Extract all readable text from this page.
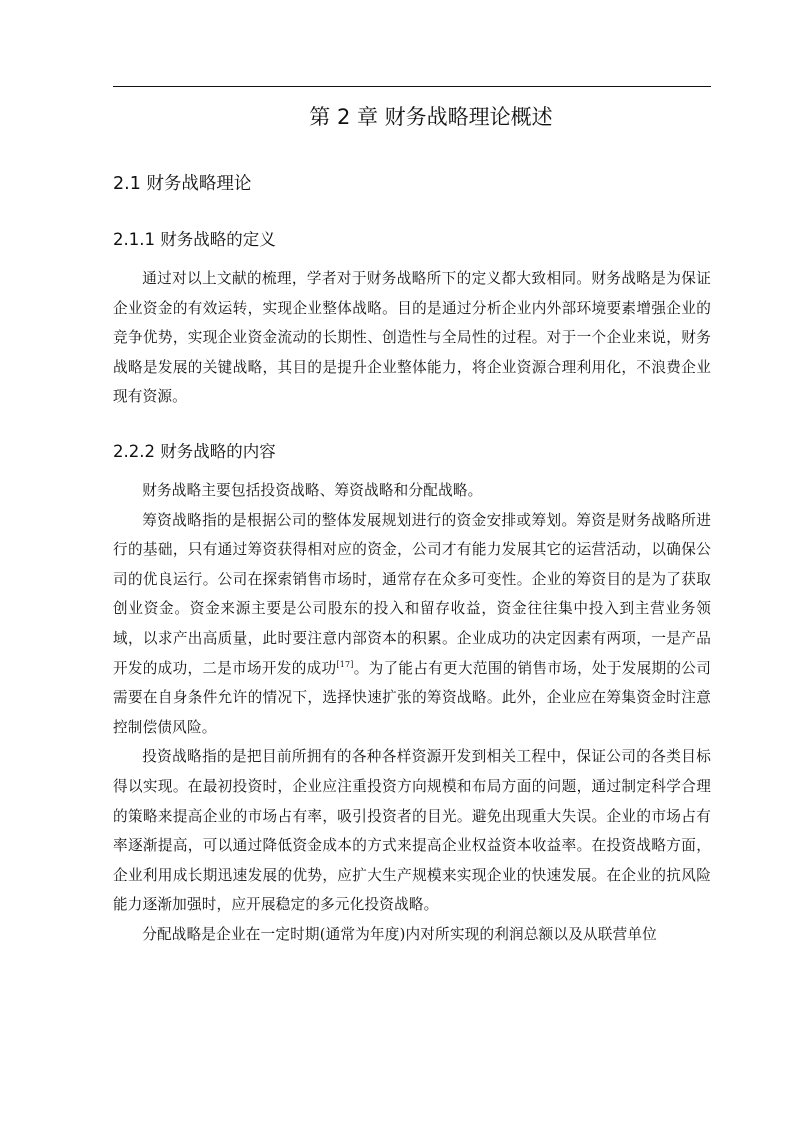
第 2 章 财务战略理论概述
2.1 财务战略理论
2.1.1 财务战略的定义

通过对以上文献的梳理，学者对于财务战略所下的定义都大致相同。财务战略是为保证企业资金的有效运转，实现企业整体战略。目的是通过分析企业内外部环境要素增强企业的竞争优势，实现企业资金流动的长期性、创造性与全局性的过程。对于一个企业来说，财务战略是发展的关键战略，其目的是提升企业整体能力，将企业资源合理利用化，不浪费企业现有资源。

2.2.2 财务战略的内容

财务战略主要包括投资战略、筹资战略和分配战略。

筹资战略指的是根据公司的整体发展规划进行的资金安排或筹划。筹资是财务战略所进行的基础，只有通过筹资获得相对应的资金，公司才有能力发展其它的运营活动，以确保公司的优良运行。公司在探索销售市场时，通常存在众多可变性。企业的筹资目的是为了获取创业资金。资金来源主要是公司股东的投入和留存收益，资金往往集中投入到主营业务领域，以求产出高质量，此时要注意内部资本的积累。企业成功的决定因素有两项，一是产品开发的成功，二是市场开发的成功[17]。为了能占有更大范围的销售市场，处于发展期的公司需要在自身条件允许的情况下，选择快速扩张的筹资战略。此外，企业应在筹集资金时注意控制偿债风险。

投资战略指的是把目前所拥有的各种各样资源开发到相关工程中，保证公司的各类目标得以实现。在最初投资时，企业应注重投资方向规模和布局方面的问题，通过制定科学合理的策略来提高企业的市场占有率，吸引投资者的目光。避免出现重大失误。企业的市场占有率逐渐提高，可以通过降低资金成本的方式来提高企业权益资本收益率。在投资战略方面，企业利用成长期迅速发展的优势，应扩大生产规模来实现企业的快速发展。在企业的抗风险能力逐渐加强时，应开展稳定的多元化投资战略。

分配战略是企业在一定时期(通常为年度)内对所实现的利润总额以及从联营单位
